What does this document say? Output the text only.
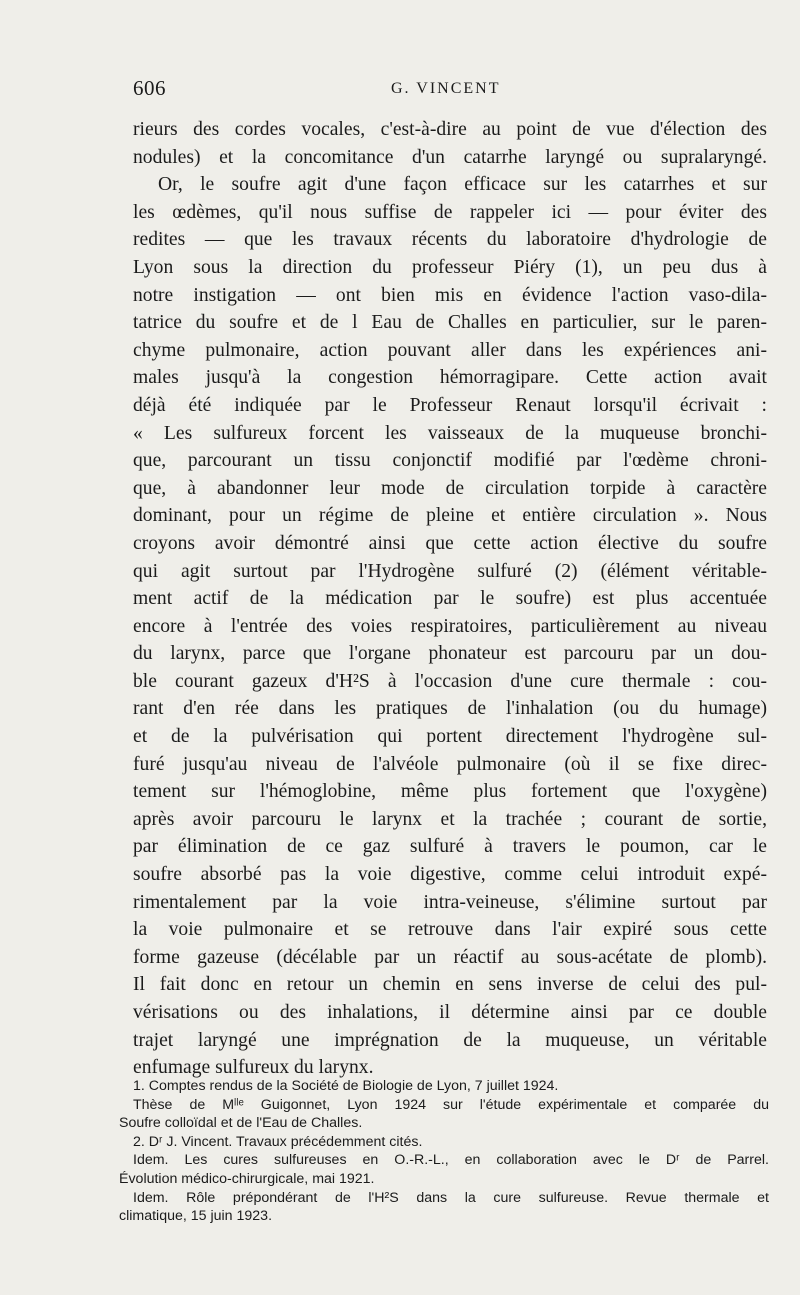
606	G. VINCENT
rieurs des cordes vocales, c'est-à-dire au point de vue d'élection des
nodules) et la concomitance d'un catarrhe laryngé ou supralaryngé.
Or, le soufre agit d'une façon efficace sur les catarrhes et sur
les œdèmes, qu'il nous suffise de rappeler ici — pour éviter des
redites — que les travaux récents du laboratoire d'hydrologie de
Lyon sous la direction du professeur Piéry (1), un peu dus à
notre instigation — ont bien mis en évidence l'action vaso-dila-
tatrice du soufre et de l Eau de Challes en particulier, sur le paren-
chyme pulmonaire, action pouvant aller dans les expériences ani-
males jusqu'à la congestion hémorragipare. Cette action avait
déjà été indiquée par le Professeur Renaut lorsqu'il écrivait :
« Les sulfureux forcent les vaisseaux de la muqueuse bronchi-
que, parcourant un tissu conjonctif modifié par l'œdème chroni-
que, à abandonner leur mode de circulation torpide à caractère
dominant, pour un régime de pleine et entière circulation ». Nous
croyons avoir démontré ainsi que cette action élective du soufre
qui agit surtout par l'Hydrogène sulfuré (2) (élément véritable-
ment actif de la médication par le soufre) est plus accentuée
encore à l'entrée des voies respiratoires, particulièrement au niveau
du larynx, parce que l'organe phonateur est parcouru par un dou-
ble courant gazeux d'H²S à l'occasion d'une cure thermale : cou-
rant d'en rée dans les pratiques de l'inhalation (ou du humage)
et de la pulvérisation qui portent directement l'hydrogène sul-
furé jusqu'au niveau de l'alvéole pulmonaire (où il se fixe direc-
tement sur l'hémoglobine, même plus fortement que l'oxygène)
après avoir parcouru le larynx et la trachée ; courant de sortie,
par élimination de ce gaz sulfuré à travers le poumon, car le
soufre absorbé pas la voie digestive, comme celui introduit expé-
rimentalement par la voie intra-veineuse, s'élimine surtout par
la voie pulmonaire et se retrouve dans l'air expiré sous cette
forme gazeuse (décélable par un réactif au sous-acétate de plomb).
Il fait donc en retour un chemin en sens inverse de celui des pul-
vérisations ou des inhalations, il détermine ainsi par ce double
trajet laryngé une imprégnation de la muqueuse, un véritable
enfumage sulfureux du larynx.
1. Comptes rendus de la Société de Biologie de Lyon, 7 juillet 1924.
Thèse de Mˡˡᵉ Guigonnet, Lyon 1924 sur l'étude expérimentale et comparée du
Soufre colloïdal et de l'Eau de Challes.
2. Dʳ J. Vincent. Travaux précédemment cités.
Idem. Les cures sulfureuses en O.-R.-L., en collaboration avec le Dʳ de Parrel.
Évolution médico-chirurgicale, mai 1921.
Idem. Rôle prépondérant de l'H²S dans la cure sulfureuse. Revue thermale et
climatique, 15 juin 1923.
